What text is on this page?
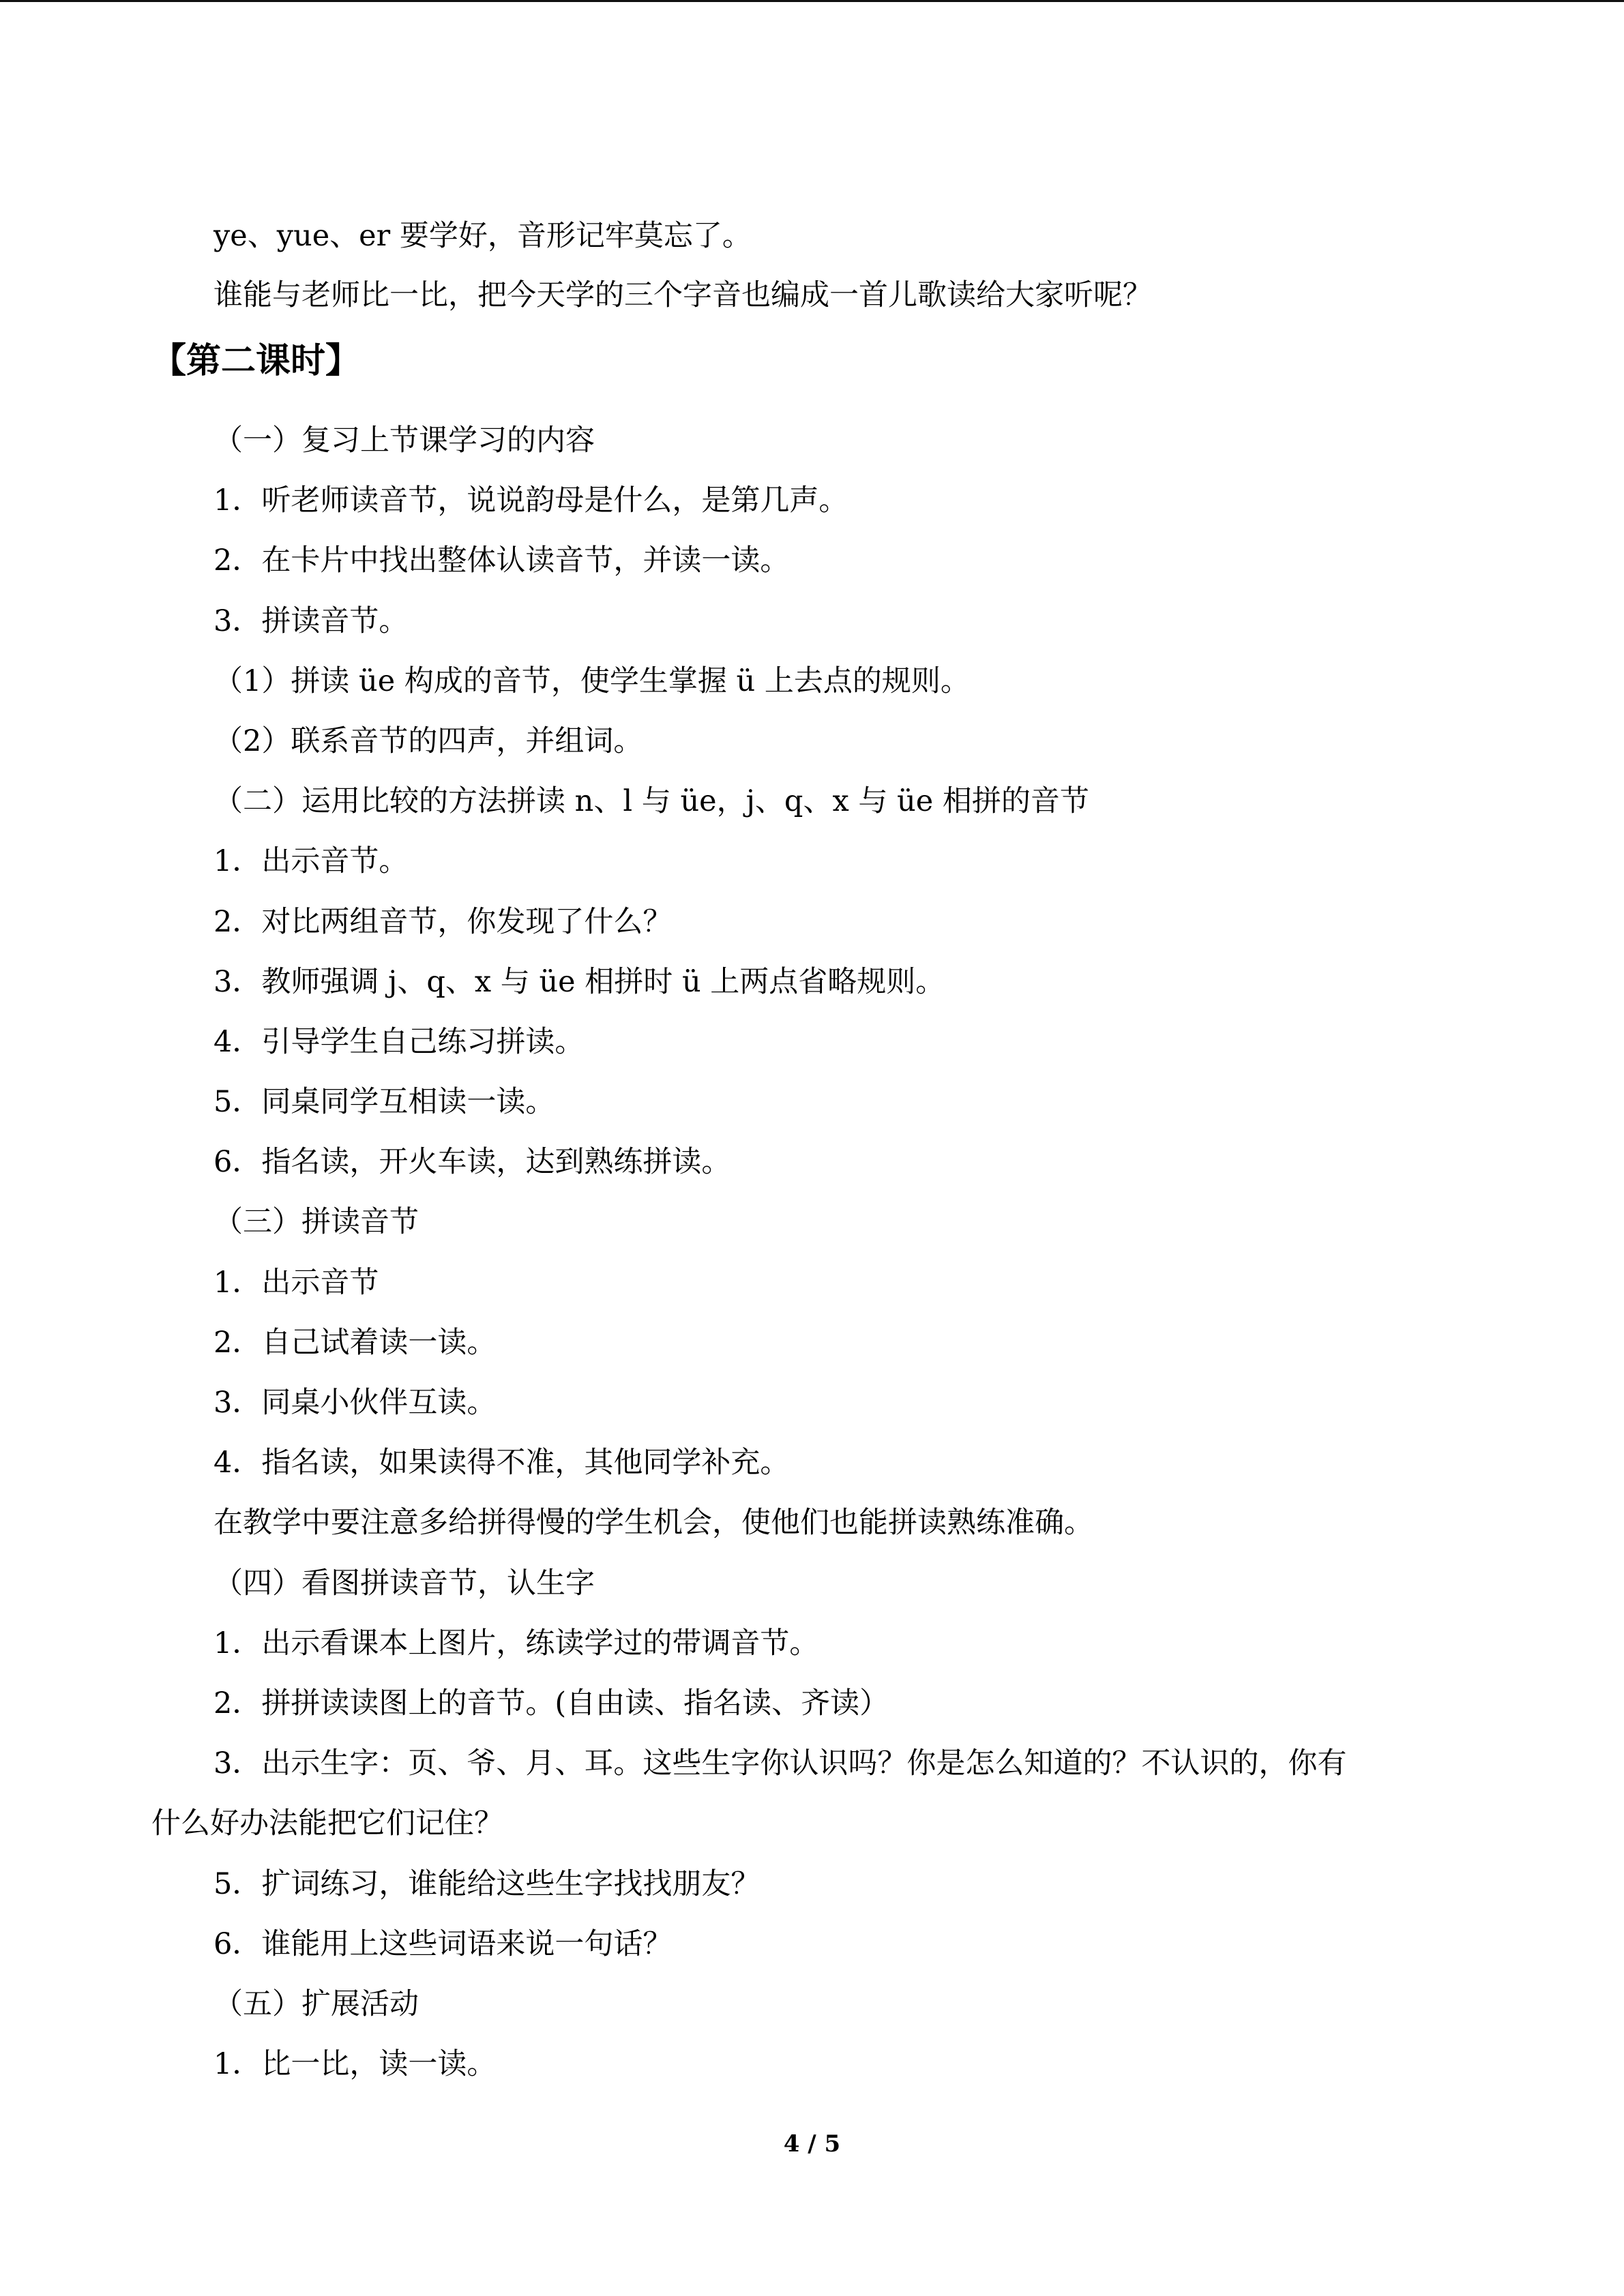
ye、yue、er 要学好，音形记牢莫忘了。

谁能与老师比一比，把今天学的三个字音也编成一首儿歌读给大家听呢？

【第二课时】

（一）复习上节课学习的内容

1．听老师读音节，说说韵母是什么，是第几声。

2．在卡片中找出整体认读音节，并读一读。

3．拼读音节。

（1）拼读 üe 构成的音节，使学生掌握 ü 上去点的规则。

（2）联系音节的四声，并组词。

（二）运用比较的方法拼读 n、l 与 üe，j、q、x 与 üe 相拼的音节

1．出示音节。

2．对比两组音节，你发现了什么？

3．教师强调 j、q、x 与 üe 相拼时 ü 上两点省略规则。

4．引导学生自己练习拼读。

5．同桌同学互相读一读。

6．指名读，开火车读，达到熟练拼读。

（三）拼读音节

1．出示音节

2．自己试着读一读。

3．同桌小伙伴互读。

4．指名读，如果读得不准，其他同学补充。

在教学中要注意多给拼得慢的学生机会，使他们也能拼读熟练准确。

（四）看图拼读音节，认生字

1．出示看课本上图片，练读学过的带调音节。

2．拼拼读读图上的音节。(自由读、指名读、齐读）

3．出示生字：页、爷、月、耳。这些生字你认识吗？你是怎么知道的？不认识的，你有

什么好办法能把它们记住？

5．扩词练习，谁能给这些生字找找朋友？

6．谁能用上这些词语来说一句话？

（五）扩展活动

1．比一比，读一读。

4 / 5
